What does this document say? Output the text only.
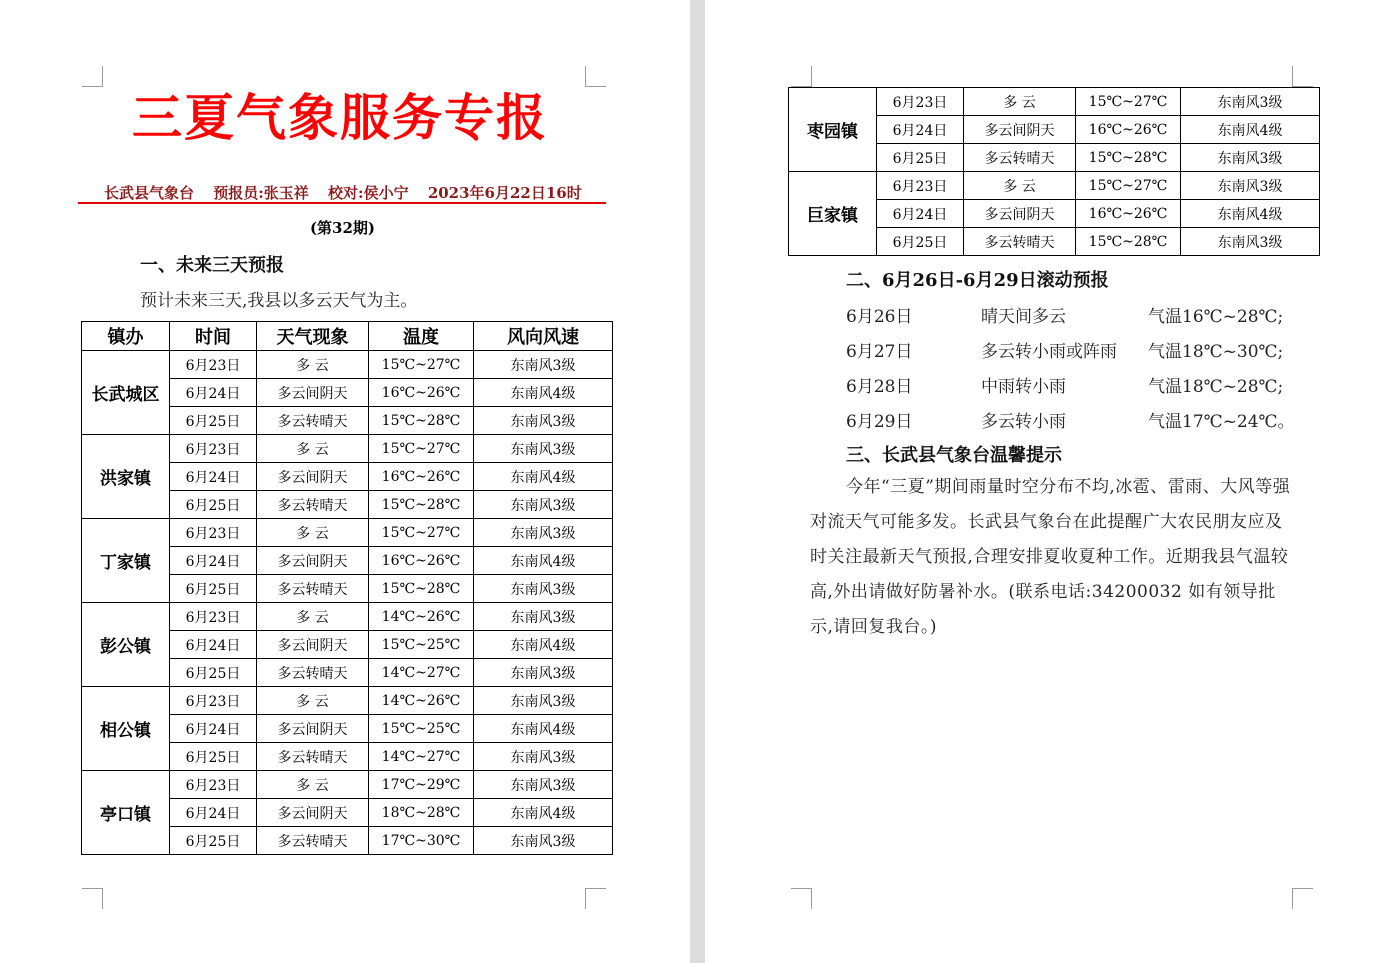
三夏气象服务专报
长武县气象台 预报员:张玉祥 校对:侯小宁 2023年6月22日16时
(第32期)
一、未来三天预报
预计未来三天,我县以多云天气为主。
镇办	时间	天气现象	温度	风向风速
长武城区	6月23日	多 云	15℃~27℃	东南风3级
	6月24日	多云间阴天	16℃~26℃	东南风4级
	6月25日	多云转晴天	15℃~28℃	东南风3级
洪家镇	6月23日	多 云	15℃~27℃	东南风3级
	6月24日	多云间阴天	16℃~26℃	东南风4级
	6月25日	多云转晴天	15℃~28℃	东南风3级
丁家镇	6月23日	多 云	15℃~27℃	东南风3级
	6月24日	多云间阴天	16℃~26℃	东南风4级
	6月25日	多云转晴天	15℃~28℃	东南风3级
彭公镇	6月23日	多 云	14℃~26℃	东南风3级
	6月24日	多云间阴天	15℃~25℃	东南风4级
	6月25日	多云转晴天	14℃~27℃	东南风3级
相公镇	6月23日	多 云	14℃~26℃	东南风3级
	6月24日	多云间阴天	15℃~25℃	东南风4级
	6月25日	多云转晴天	14℃~27℃	东南风3级
亭口镇	6月23日	多 云	17℃~29℃	东南风3级
	6月24日	多云间阴天	18℃~28℃	东南风4级
	6月25日	多云转晴天	17℃~30℃	东南风3级
枣园镇	6月23日	多 云	15℃~27℃	东南风3级
	6月24日	多云间阴天	16℃~26℃	东南风4级
	6月25日	多云转晴天	15℃~28℃	东南风3级
巨家镇	6月23日	多 云	15℃~27℃	东南风3级
	6月24日	多云间阴天	16℃~26℃	东南风4级
	6月25日	多云转晴天	15℃~28℃	东南风3级
二、6月26日-6月29日滚动预报
6月26日	晴天间多云	气温16℃~28℃;
6月27日	多云转小雨或阵雨 气温18℃~30℃;
6月28日	中雨转小雨	气温18℃~28℃;
6月29日	多云转小雨	气温17℃~24℃。
三、长武县气象台温馨提示
今年“三夏”期间雨量时空分布不均,冰雹、雷雨、大风等强对流天气可能多发。长武县气象台在此提醒广大农民朋友应及时关注最新天气预报,合理安排夏收夏种工作。近期我县气温较高,外出请做好防暑补水。(联系电话:34200032 如有领导批示,请回复我台。)
